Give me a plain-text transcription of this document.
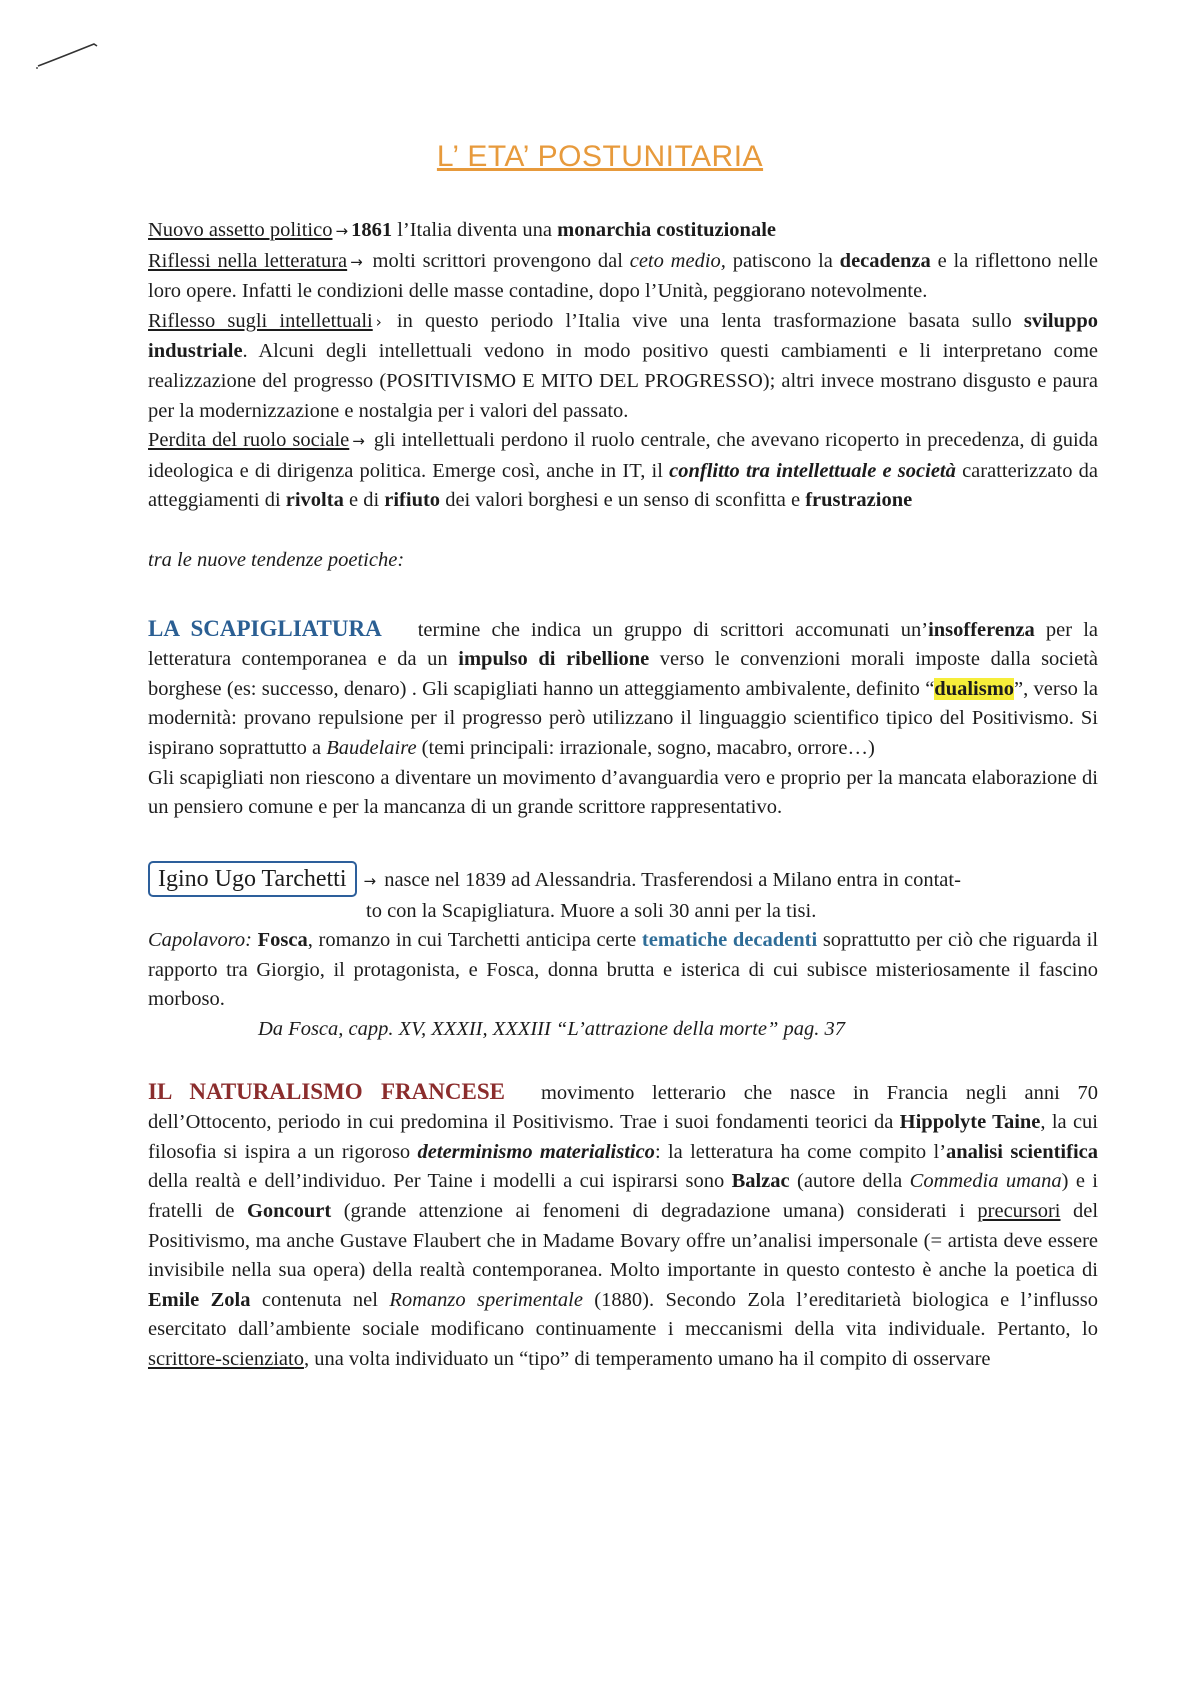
L’ ETA’ POSTUNITARIA

Nuovo assetto politico → 1861 l’Italia diventa una monarchia costituzionale

Riflessi nella letteratura → molti scrittori provengono dal ceto medio, patiscono la decadenza e la riflettono nelle loro opere. Infatti le condizioni delle masse contadine, dopo l’Unità, peggiorano notevolmente.

Riflesso sugli intellettuali › in questo periodo l’Italia vive una lenta trasformazione basata sullo sviluppo industriale. Alcuni degli intellettuali vedono in modo positivo questi cambiamenti e li interpretano come realizzazione del progresso (POSITIVISMO E MITO DEL PROGRESSO); altri invece mostrano disgusto e paura per la modernizzazione e nostalgia per i valori del passato.

Perdita del ruolo sociale → gli intellettuali perdono il ruolo centrale, che avevano ricoperto in precedenza, di guida ideologica e di dirigenza politica. Emerge così, anche in IT, il conflitto tra intellettuale e società caratterizzato da atteggiamenti di rivolta e di rifiuto dei valori borghesi e un senso di sconfitta e frustrazione

tra le nuove tendenze poetiche:

LA SCAPIGLIATURA termine che indica un gruppo di scrittori accomunati un’insofferenza per la letteratura contemporanea e da un impulso di ribellione verso le convenzioni morali imposte dalla società borghese (es: successo, denaro) . Gli scapigliati hanno un atteggiamento ambivalente, definito “dualismo”, verso la modernità: provano repulsione per il progresso però utilizzano il linguaggio scientifico tipico del Positivismo. Si ispirano soprattutto a Baudelaire (temi principali: irrazionale, sogno, macabro, orrore…)

Gli scapigliati non riescono a diventare un movimento d’avanguardia vero e proprio per la mancata elaborazione di un pensiero comune e per la mancanza di un grande scrittore rappresentativo.

Igino Ugo Tarchetti → nasce nel 1839 ad Alessandria. Trasferendosi a Milano entra in contat-
to con la Scapigliatura. Muore a soli 30 anni per la tisi.

Capolavoro: Fosca, romanzo in cui Tarchetti anticipa certe tematiche decadenti soprattutto per ciò che riguarda il rapporto tra Giorgio, il protagonista, e Fosca, donna brutta e isterica di cui subisce misteriosamente il fascino morboso.

Da Fosca, capp. XV, XXXII, XXXIII “L’attrazione della morte” pag. 37

IL NATURALISMO FRANCESE movimento letterario che nasce in Francia negli anni 70 dell’Ottocento, periodo in cui predomina il Positivismo. Trae i suoi fondamenti teorici da Hippolyte Taine, la cui filosofia si ispira a un rigoroso determinismo materialistico: la letteratura ha come compito l’analisi scientifica della realtà e dell’individuo. Per Taine i modelli a cui ispirarsi sono Balzac (autore della Commedia umana) e i fratelli de Goncourt (grande attenzione ai fenomeni di degradazione umana) considerati i precursori del Positivismo, ma anche Gustave Flaubert che in Madame Bovary offre un’analisi impersonale (= artista deve essere invisibile nella sua opera) della realtà contemporanea. Molto importante in questo contesto è anche la poetica di Emile Zola contenuta nel Romanzo sperimentale (1880). Secondo Zola l’ereditarietà biologica e l’influsso esercitato dall’ambiente sociale modificano continuamente i meccanismi della vita individuale. Pertanto, lo scrittore-scienziato, una volta individuato un “tipo” di temperamento umano ha il compito di osservare
